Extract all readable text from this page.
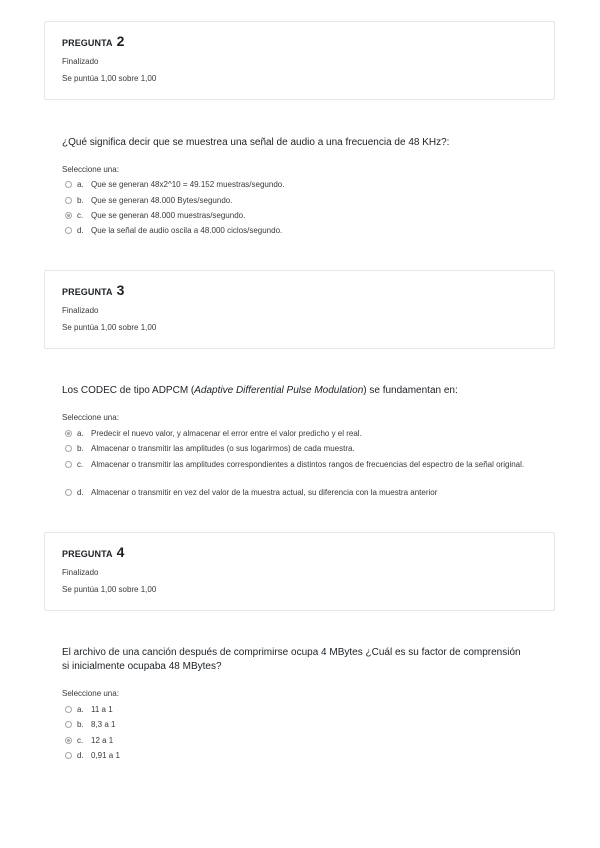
PREGUNTA 2
Finalizado
Se puntúa 1,00 sobre 1,00
¿Qué significa decir que se muestrea una señal de audio a una frecuencia de 48 KHz?:
Seleccione una:
a. Que se generan 48x2^10 = 49.152 muestras/segundo.
b. Que se generan 48.000 Bytes/segundo.
c. Que se generan 48.000 muestras/segundo.
d. Que la señal de audio oscila a 48.000 ciclos/segundo.
PREGUNTA 3
Finalizado
Se puntúa 1,00 sobre 1,00
Los CODEC de tipo ADPCM (Adaptive Differential Pulse Modulation) se fundamentan en:
Seleccione una:
a. Predecir el nuevo valor, y almacenar el error entre el valor predicho y el real.
b. Almacenar o transmitir las amplitudes (o sus logarirmos) de cada muestra.
c. Almacenar o transmitir las amplitudes correspondientes a distintos rangos de frecuencias del espectro de la señal original.
d. Almacenar o transmitir en vez del valor de la muestra actual, su diferencia con la muestra anterior
PREGUNTA 4
Finalizado
Se puntúa 1,00 sobre 1,00
El archivo de una canción después de comprimirse ocupa 4 MBytes ¿Cuál es su factor de comprensión si inicialmente ocupaba 48 MBytes?
Seleccione una:
a. 11 a 1
b. 8,3 a 1
c. 12 a 1
d. 0,91 a 1
